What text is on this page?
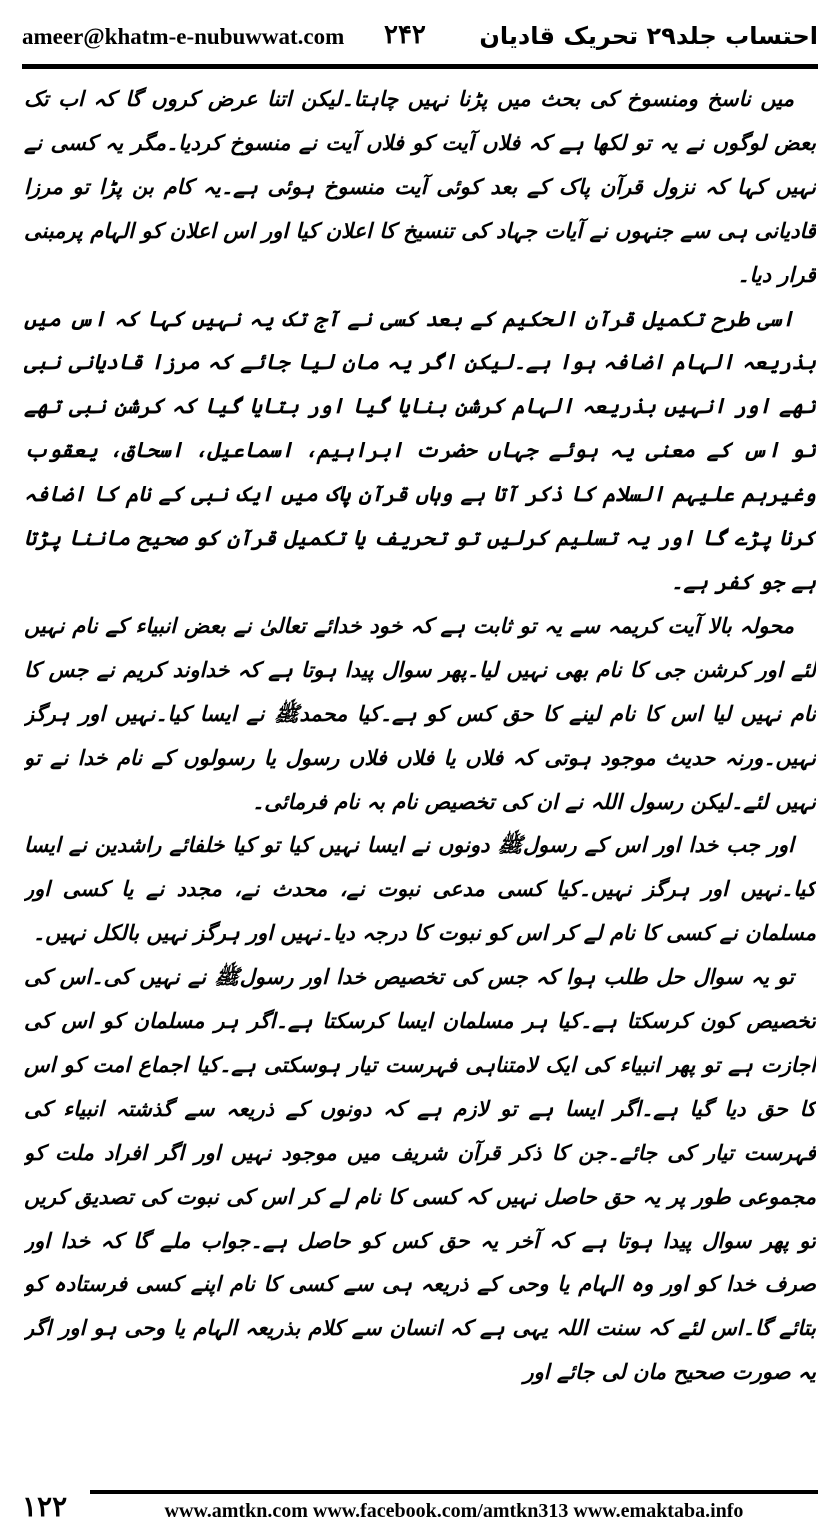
ameer@khatm-e-nubuwwat.com ۲۴۲ احتساب جلد۲۹ تحریک قادیان

میں ناسخ ومنسوخ کی بحث میں پڑنا نہیں چاہتا۔لیکن اتنا عرض کروں گا کہ اب تک بعض لوگوں نے یہ تو لکھا ہے کہ فلاں آیت کو فلاں آیت نے منسوخ کردیا۔مگر یہ کسی نے نہیں کہا کہ نزول قرآن پاک کے بعد کوئی آیت منسوخ ہوئی ہے۔یہ کام بن پڑا تو مرزا قادیانی ہی سے جنہوں نے آیات جہاد کی تنسیخ کا اعلان کیا اور اس اعلان کو الہام پرمبنی قرار دیا۔

اسی طرح تکمیل قرآن الحکیم کے بعد کسی نے آج تک یہ نہیں کہا کہ اس میں بذریعہ الہام اضافہ ہوا ہے۔لیکن اگر یہ مان لیا جائے کہ مرزا قادیانی نبی تھے اور انہیں بذریعہ الہام کرشن بنایا گیا اور بتایا گیا کہ کرشن نبی تھے تو اس کے معنی یہ ہوئے جہاں حضرت ابراہیم، اسماعیل، اسحاق، یعقوب وغیرہم علیہم السلام کا ذکر آتا ہے وہاں قرآن پاک میں ایک نبی کے نام کا اضافہ کرنا پڑے گا اور یہ تسلیم کرلیں تو تحریف یا تکمیل قرآن کو صحیح ماننا پڑتا ہے جو کفر ہے۔

محولہ بالا آیت کریمہ سے یہ تو ثابت ہے کہ خود خدائے تعالیٰ نے بعض انبیاء کے نام نہیں لئے اور کرشن جی کا نام بھی نہیں لیا۔پھر سوال پیدا ہوتا ہے کہ خداوند کریم نے جس کا نام نہیں لیا اس کا نام لینے کا حق کس کو ہے۔کیا محمدﷺ نے ایسا کیا۔نہیں اور ہرگز نہیں۔ورنہ حدیث موجود ہوتی کہ فلاں یا فلاں فلاں رسول یا رسولوں کے نام خدا نے تو نہیں لئے۔لیکن رسول اللہ نے ان کی تخصیص نام بہ نام فرمائی۔

اور جب خدا اور اس کے رسولﷺ دونوں نے ایسا نہیں کیا تو کیا خلفائے راشدین نے ایسا کیا۔نہیں اور ہرگز نہیں۔کیا کسی مدعی نبوت نے، محدث نے، مجدد نے یا کسی اور مسلمان نے کسی کا نام لے کر اس کو نبوت کا درجہ دیا۔نہیں اور ہرگز نہیں بالکل نہیں۔

تو یہ سوال حل طلب ہوا کہ جس کی تخصیص خدا اور رسولﷺ نے نہیں کی۔اس کی تخصیص کون کرسکتا ہے۔کیا ہر مسلمان ایسا کرسکتا ہے۔اگر ہر مسلمان کو اس کی اجازت ہے تو پھر انبیاء کی ایک لامتناہی فہرست تیار ہوسکتی ہے۔کیا اجماع امت کو اس کا حق دیا گیا ہے۔اگر ایسا ہے تو لازم ہے کہ دونوں کے ذریعہ سے گذشتہ انبیاء کی فہرست تیار کی جائے۔جن کا ذکر قرآن شریف میں موجود نہیں اور اگر افراد ملت کو مجموعی طور پر یہ حق حاصل نہیں کہ کسی کا نام لے کر اس کی نبوت کی تصدیق کریں تو پھر سوال پیدا ہوتا ہے کہ آخر یہ حق کس کو حاصل ہے۔جواب ملے گا کہ خدا اور صرف خدا کو اور وہ الہام یا وحی کے ذریعہ ہی سے کسی کا نام اپنے کسی فرستادہ کو بتائے گا۔اس لئے کہ سنت اللہ یہی ہے کہ انسان سے کلام بذریعہ الہام یا وحی ہو اور اگر یہ صورت صحیح مان لی جائے اور

۱۲۲	www.amtkn.com www.facebook.com/amtkn313 www.emaktaba.info
